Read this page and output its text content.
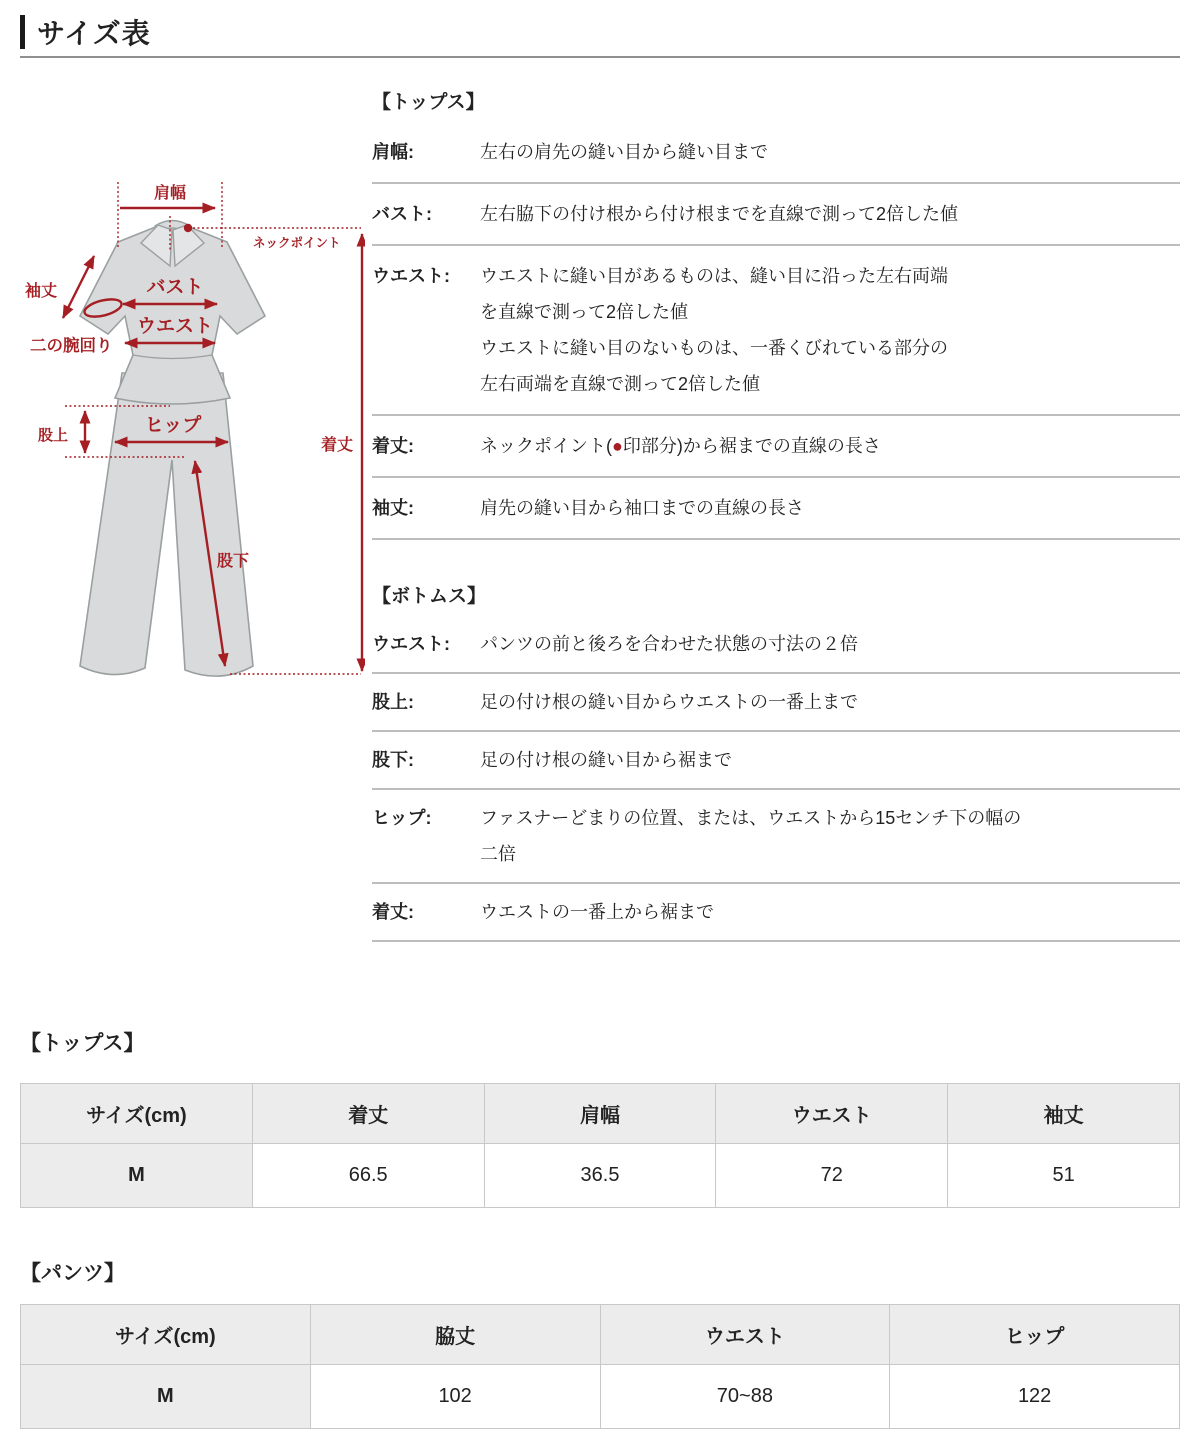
サイズ表
肩幅
ネックポイント
袖丈
二の腕回り
バスト
ウエスト
股上	ヒップ
股下
着丈
【トップス】
肩幅:	左右の肩先の縫い目から縫い目まで
バスト:	左右脇下の付け根から付け根までを直線で測って2倍した値
ウエスト:	ウエストに縫い目があるものは、縫い目に沿った左右両端
を直線で測って2倍した値
ウエストに縫い目のないものは、一番くびれている部分の
左右両端を直線で測って2倍した値
着丈:	ネックポイント(●印部分)から裾までの直線の長さ
袖丈:	肩先の縫い目から袖口までの直線の長さ
【ボトムス】
ウエスト:	パンツの前と後ろを合わせた状態の寸法の２倍
股上:	足の付け根の縫い目からウエストの一番上まで
股下:	足の付け根の縫い目から裾まで
ヒップ:	ファスナーどまりの位置、または、ウエストから15センチ下の幅の
二倍
着丈:	ウエストの一番上から裾まで
【トップス】
サイズ(cm)	着丈	肩幅	ウエスト	袖丈
M	66.5	36.5	72	51
【パンツ】
サイズ(cm)	脇丈	ウエスト	ヒップ
M	102	70~88	122
